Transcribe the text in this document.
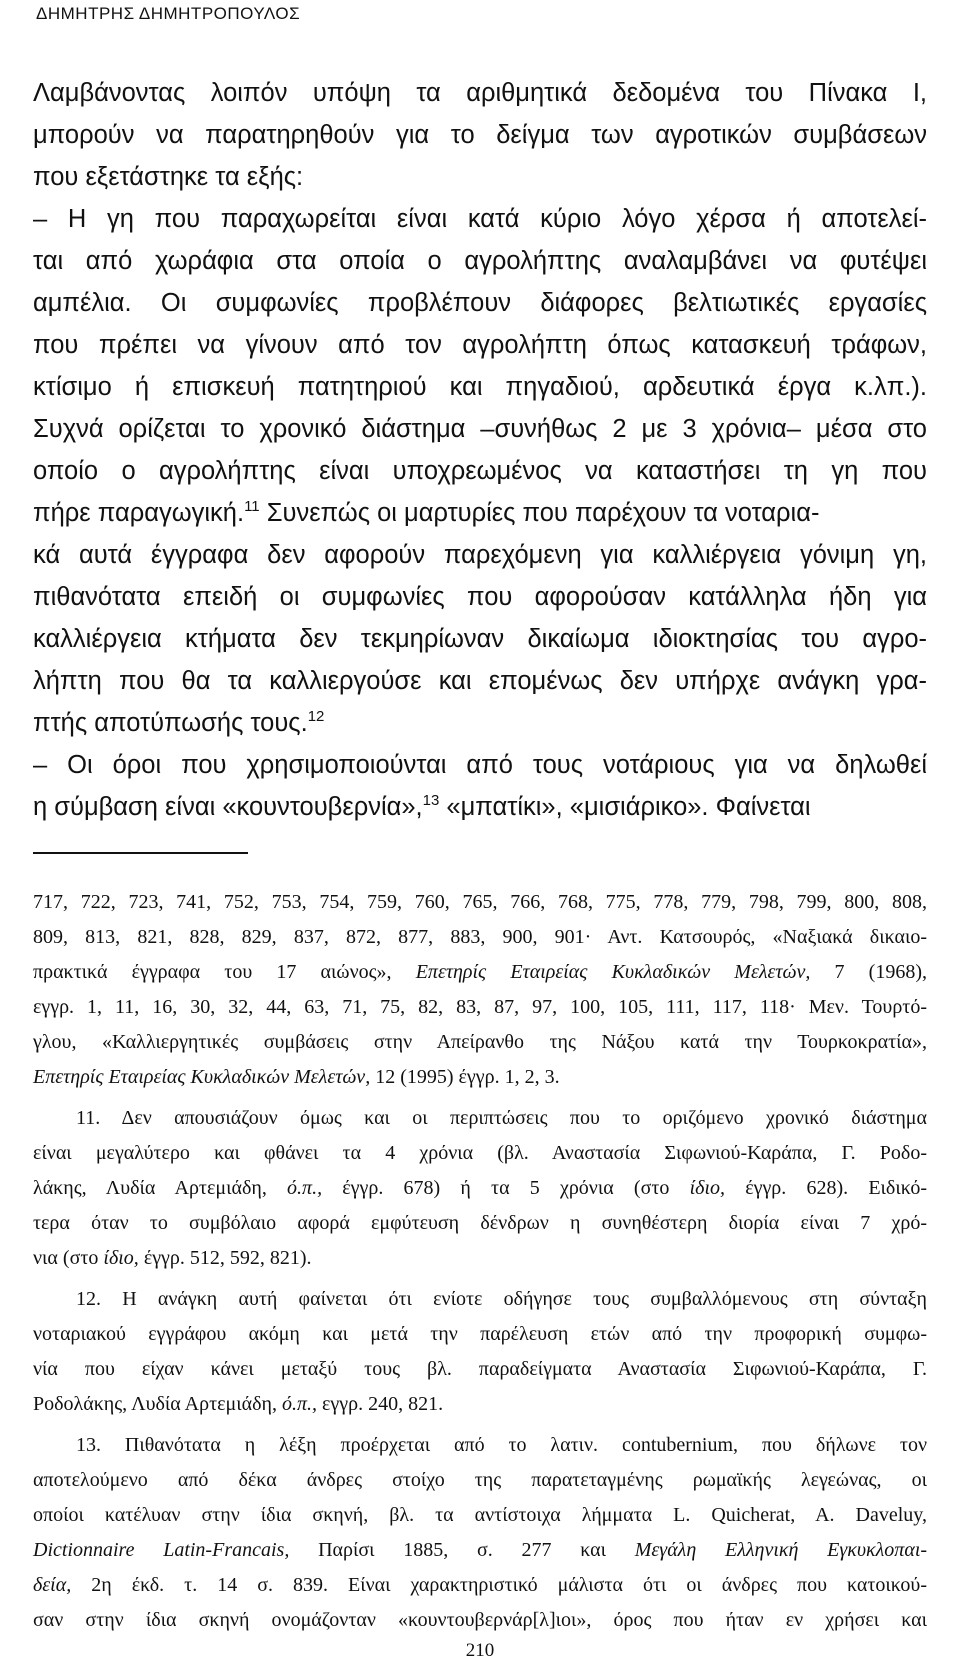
ΔΗΜΗΤΡΗΣ ΔΗΜΗΤΡΟΠΟΥΛΟΣ
Λαμβάνοντας λοιπόν υπόψη τα αριθμητικά δεδομένα του Πίνακα Ι,
μπορούν να παρατηρηθούν για το δείγμα των αγροτικών συμβάσεων
που εξετάστηκε τα εξής:
– Η γη που παραχωρείται είναι κατά κύριο λόγο χέρσα ή αποτελεί-
ται από χωράφια στα οποία ο αγρολήπτης αναλαμβάνει να φυτέψει
αμπέλια. Οι συμφωνίες προβλέπουν διάφορες βελτιωτικές εργασίες
που πρέπει να γίνουν από τον αγρολήπτη όπως κατασκευή τράφων,
κτίσιμο ή επισκευή πατητηριού και πηγαδιού, αρδευτικά έργα κ.λπ.).
Συχνά ορίζεται το χρονικό διάστημα –συνήθως 2 με 3 χρόνια– μέσα στο
οποίο ο αγρολήπτης είναι υποχρεωμένος να καταστήσει τη γη που
πήρε παραγωγική.$^{11}$ Συνεπώς οι μαρτυρίες που παρέχουν τα νοταρια-
κά αυτά έγγραφα δεν αφορούν παρεχόμενη για καλλιέργεια γόνιμη γη,
πιθανότατα επειδή οι συμφωνίες που αφορούσαν κατάλληλα ήδη για
καλλιέργεια κτήματα δεν τεκμηρίωναν δικαίωμα ιδιοκτησίας του αγρο-
λήπτη που θα τα καλλιεργούσε και επομένως δεν υπήρχε ανάγκη γρα-
πτής αποτύπωσής τους.$^{12}$
– Οι όροι που χρησιμοποιούνται από τους νοτάριους για να δηλωθεί
η σύμβαση είναι «κουντουβερνία»,$^{13}$ «μπατίκι», «μισιάρικο». Φαίνεται
717, 722, 723, 741, 752, 753, 754, 759, 760, 765, 766, 768, 775, 778, 779, 798, 799, 800, 808,
809, 813, 821, 828, 829, 837, 872, 877, 883, 900, 901· Αντ. Κατσουρός, «Ναξιακά δικαιο-
πρακτικά έγγραφα του 17 αιώνος», Επετηρίς Εταιρείας Κυκλαδικών Μελετών, 7 (1968),
εγγρ. 1, 11, 16, 30, 32, 44, 63, 71, 75, 82, 83, 87, 97, 100, 105, 111, 117, 118· Μεν. Τουρτό-
γλου, «Καλλιεργητικές συμβάσεις στην Απείρανθο της Νάξου κατά την Τουρκοκρατία»,
Επετηρίς Εταιρείας Κυκλαδικών Μελετών, 12 (1995) έγγρ. 1, 2, 3.
11. Δεν απουσιάζουν όμως και οι περιπτώσεις που το οριζόμενο χρονικό διάστημα
είναι μεγαλύτερο και φθάνει τα 4 χρόνια (βλ. Αναστασία Σιφωνιού-Καράπα, Γ. Ροδο-
λάκης, Λυδία Αρτεμιάδη, ό.π., έγγρ. 678) ή τα 5 χρόνια (στο ίδιο, έγγρ. 628). Ειδικό-
τερα όταν το συμβόλαιο αφορά εμφύτευση δένδρων η συνηθέστερη διορία είναι 7 χρό-
νια (στο ίδιο, έγγρ. 512, 592, 821).
12. Η ανάγκη αυτή φαίνεται ότι ενίοτε οδήγησε τους συμβαλλόμενους στη σύνταξη
νοταριακού εγγράφου ακόμη και μετά την παρέλευση ετών από την προφορική συμφω-
νία που είχαν κάνει μεταξύ τους βλ. παραδείγματα Αναστασία Σιφωνιού-Καράπα, Γ.
Ροδολάκης, Λυδία Αρτεμιάδη, ό.π., εγγρ. 240, 821.
13. Πιθανότατα η λέξη προέρχεται από το λατιν. contubernium, που δήλωνε τον
αποτελούμενο από δέκα άνδρες στοίχο της παρατεταγμένης ρωμαϊκής λεγεώνας, οι
οποίοι κατέλυαν στην ίδια σκηνή, βλ. τα αντίστοιχα λήμματα L. Quicherat, A. Daveluy,
Dictionnaire Latin-Francais, Παρίσι 1885, σ. 277 και Μεγάλη Ελληνική Εγκυκλοπαι-
δεία, 2η έκδ. τ. 14 σ. 839. Είναι χαρακτηριστικό μάλιστα ότι οι άνδρες που κατοικού-
σαν στην ίδια σκηνή ονομάζονταν «κουντουβερνάρ[λ]ιοι», όρος που ήταν εν χρήσει και
210
